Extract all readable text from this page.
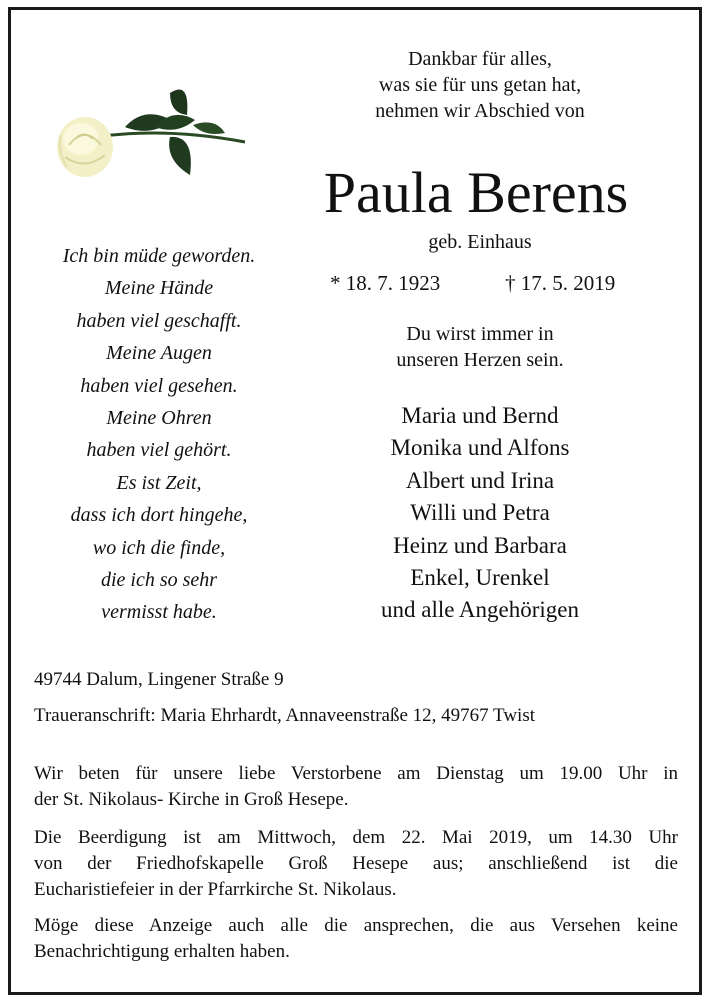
Dankbar für alles,
was sie für uns getan hat,
nehmen wir Abschied von
Paula Berens
geb. Einhaus
* 18. 7. 1923	† 17. 5. 2019
Du wirst immer in
unseren Herzen sein.
Ich bin müde geworden.
Meine Hände
haben viel geschafft.
Meine Augen
haben viel gesehen.
Meine Ohren
haben viel gehört.
Es ist Zeit,
dass ich dort hingehe,
wo ich die finde,
die ich so sehr
vermisst habe.
Maria und Bernd
Monika und Alfons
Albert und Irina
Willi und Petra
Heinz und Barbara
Enkel, Urenkel
und alle Angehörigen
49744 Dalum, Lingener Straße 9
Traueranschrift: Maria Ehrhardt, Annaveenstraße 12, 49767 Twist
Wir beten für unsere liebe Verstorbene am Dienstag um 19.00 Uhr in
der St. Nikolaus- Kirche in Groß Hesepe.
Die Beerdigung ist am Mittwoch, dem 22. Mai 2019, um 14.30 Uhr
von der Friedhofskapelle Groß Hesepe aus; anschließend ist die
Eucharistiefeier in der Pfarrkirche St. Nikolaus.
Möge diese Anzeige auch alle die ansprechen, die aus Versehen keine
Benachrichtigung erhalten haben.
